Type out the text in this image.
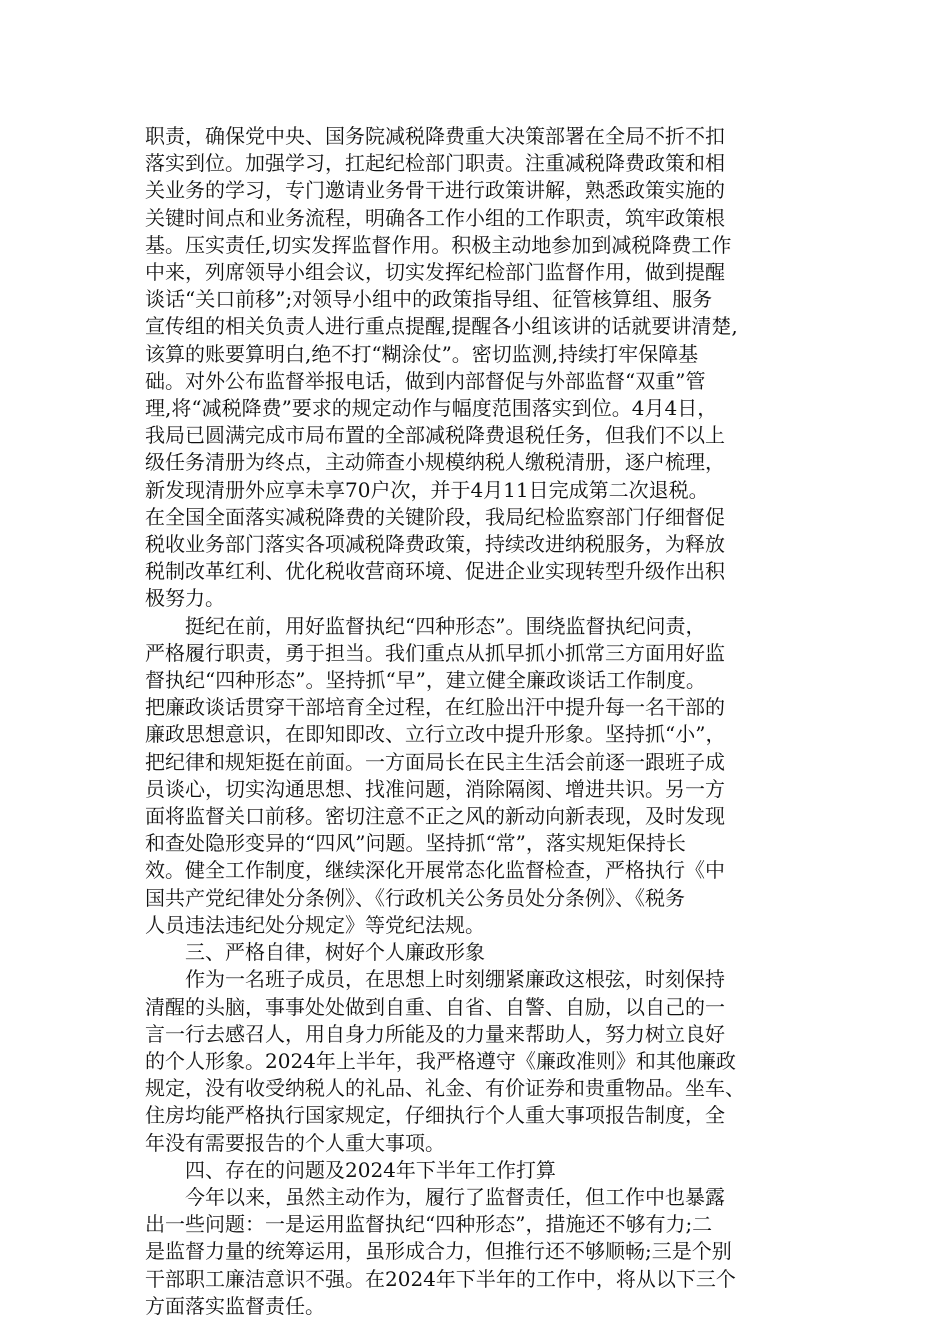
职责，确保党中央、国务院减税降费重大决策部署在全局不折不扣
落实到位。加强学习，扛起纪检部门职责。注重减税降费政策和相
关业务的学习，专门邀请业务骨干进行政策讲解，熟悉政策实施的
关键时间点和业务流程，明确各工作小组的工作职责，筑牢政策根
基。压实责任,切实发挥监督作用。积极主动地参加到减税降费工作
中来，列席领导小组会议，切实发挥纪检部门监督作用，做到提醒
谈话“关口前移”;对领导小组中的政策指导组、征管核算组、服务
宣传组的相关负责人进行重点提醒,提醒各小组该讲的话就要讲清楚,
该算的账要算明白,绝不打“糊涂仗”。密切监测,持续打牢保障基
础。对外公布监督举报电话，做到内部督促与外部监督“双重”管
理,将“减税降费”要求的规定动作与幅度范围落实到位。4月4日，
我局已圆满完成市局布置的全部减税降费退税任务，但我们不以上
级任务清册为终点，主动筛查小规模纳税人缴税清册，逐户梳理，
新发现清册外应享未享70户次，并于4月11日完成第二次退税。
在全国全面落实减税降费的关键阶段，我局纪检监察部门仔细督促
税收业务部门落实各项减税降费政策，持续改进纳税服务，为释放
税制改革红利、优化税收营商环境、促进企业实现转型升级作出积
极努力。

挺纪在前，用好监督执纪“四种形态”。围绕监督执纪问责，
严格履行职责，勇于担当。我们重点从抓早抓小抓常三方面用好监
督执纪“四种形态”。坚持抓“早”，建立健全廉政谈话工作制度。
把廉政谈话贯穿干部培育全过程，在红脸出汗中提升每一名干部的
廉政思想意识，在即知即改、立行立改中提升形象。坚持抓“小”，
把纪律和规矩挺在前面。一方面局长在民主生活会前逐一跟班子成
员谈心，切实沟通思想、找准问题，消除隔阂、增进共识。另一方
面将监督关口前移。密切注意不正之风的新动向新表现，及时发现
和查处隐形变异的“四风”问题。坚持抓“常”，落实规矩保持长
效。健全工作制度，继续深化开展常态化监督检查，严格执行《中
国共产党纪律处分条例》、《行政机关公务员处分条例》、《税务
人员违法违纪处分规定》等党纪法规。

三、严格自律，树好个人廉政形象

作为一名班子成员，在思想上时刻绷紧廉政这根弦，时刻保持
清醒的头脑，事事处处做到自重、自省、自警、自励，以自己的一
言一行去感召人，用自身力所能及的力量来帮助人，努力树立良好
的个人形象。2024年上半年，我严格遵守《廉政准则》和其他廉政
规定，没有收受纳税人的礼品、礼金、有价证券和贵重物品。坐车、
住房均能严格执行国家规定，仔细执行个人重大事项报告制度，全
年没有需要报告的个人重大事项。

四、存在的问题及2024年下半年工作打算

今年以来，虽然主动作为，履行了监督责任，但工作中也暴露
出一些问题：一是运用监督执纪“四种形态”，措施还不够有力;二
是监督力量的统筹运用，虽形成合力，但推行还不够顺畅;三是个别
干部职工廉洁意识不强。在2024年下半年的工作中，将从以下三个
方面落实监督责任。
